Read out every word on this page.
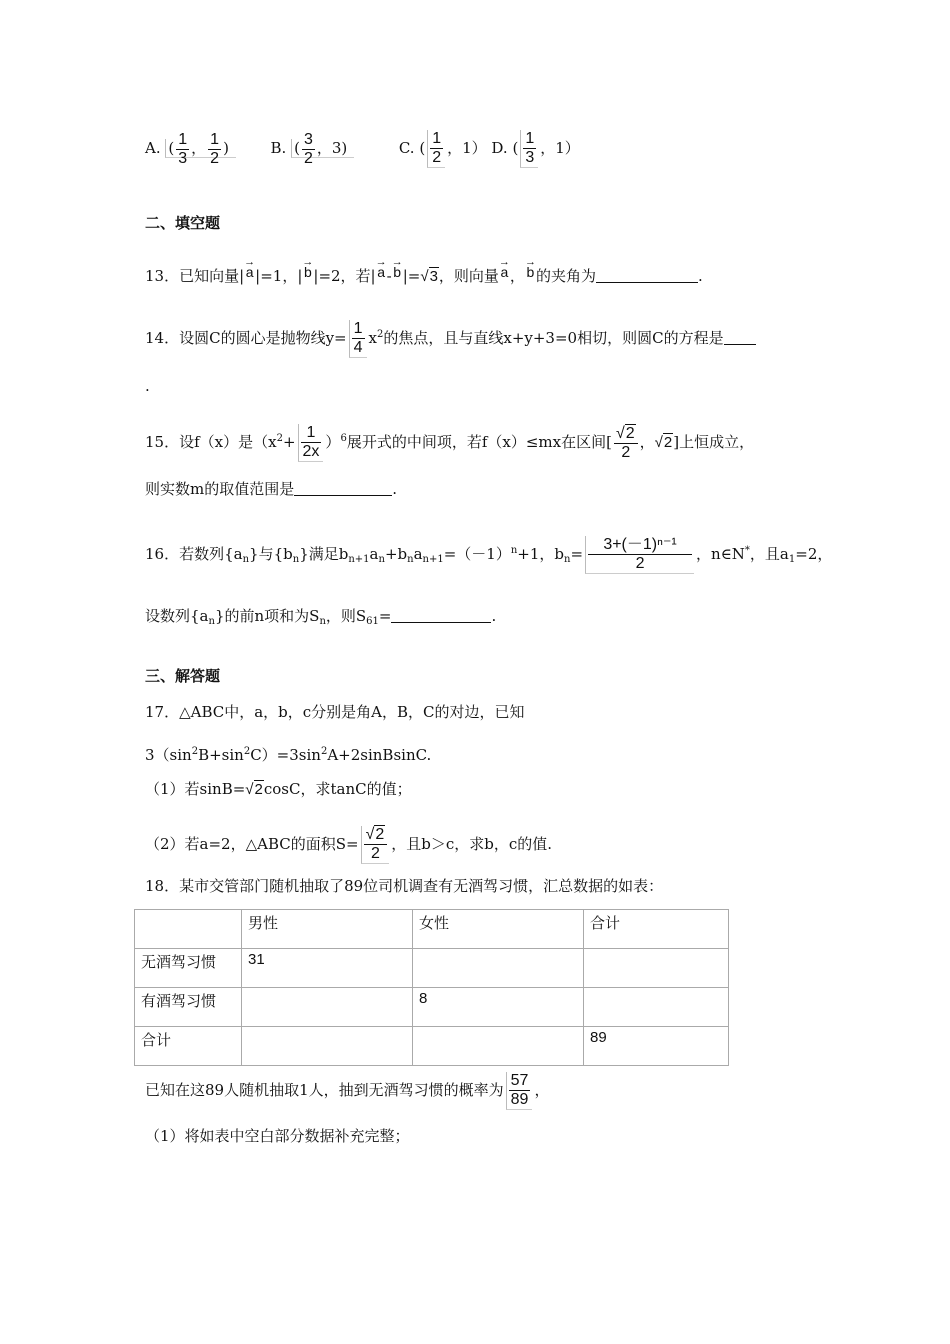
A. ( $\frac{1}{3}$ ， $\frac{1}{2}$ )	B. ( $\frac{3}{2}$ ，3)	C. ( $\frac{1}{2}$ ，1） D. ( $\frac{1}{3}$ ，1）
二、填空题
13．已知向量|
→
a |=1，|
→
b |=2，若|
→
a -
→
b |=√3，则向量
→
a ，
→
b 的夹角为	.
14．设圆C的圆心是抛物线$y= \frac{1}{4} x^2$的焦点，且与直线x+y+3=0相切，则圆C的方程是
.
15．设f（x）是$(x^2+ \frac{1}{2x} )^6$展开式的中间项，若f（x）≤mx在区间[ $\frac{√2}{2}$ ，√2]上恒成立，
则实数m的取值范围是	.
16．若数列$\{a_n\}$与$\{b_n\}$满足$b_{n+1}a_n+b_na_{n+1}=(-1)^n+1$，$b_n= \frac{\text{3+(－1)ⁿ⁻¹}}{2}$ ，n∈N*，且$a_1=2$，
设数列$\{a_n\}$的前n项和为$S_n$，则$S_{61}=$	.
三、解答题
17．△ABC中，a，b，c分别是角A，B，C的对边，已知
$3(\sin^2B+\sin^2C)=3\sin^2A+2sinBsinC$.
（1）若sinB=√2cosC，求tanC的值；
（2）若a=2，△ABC的面积$S= \frac{√2}{2}$ ，且b＞c，求b，c的值.
18．某市交管部门随机抽取了89位司机调查有无酒驾习惯，汇总数据的如表：
	男性	女性	合计
无酒驾习惯	31		
有酒驾习惯		8	
合计			89
已知在这89人随机抽取1人，抽到无酒驾习惯的概率为 $\frac{57}{89}$ ，
（1）将如表中空白部分数据补充完整；
